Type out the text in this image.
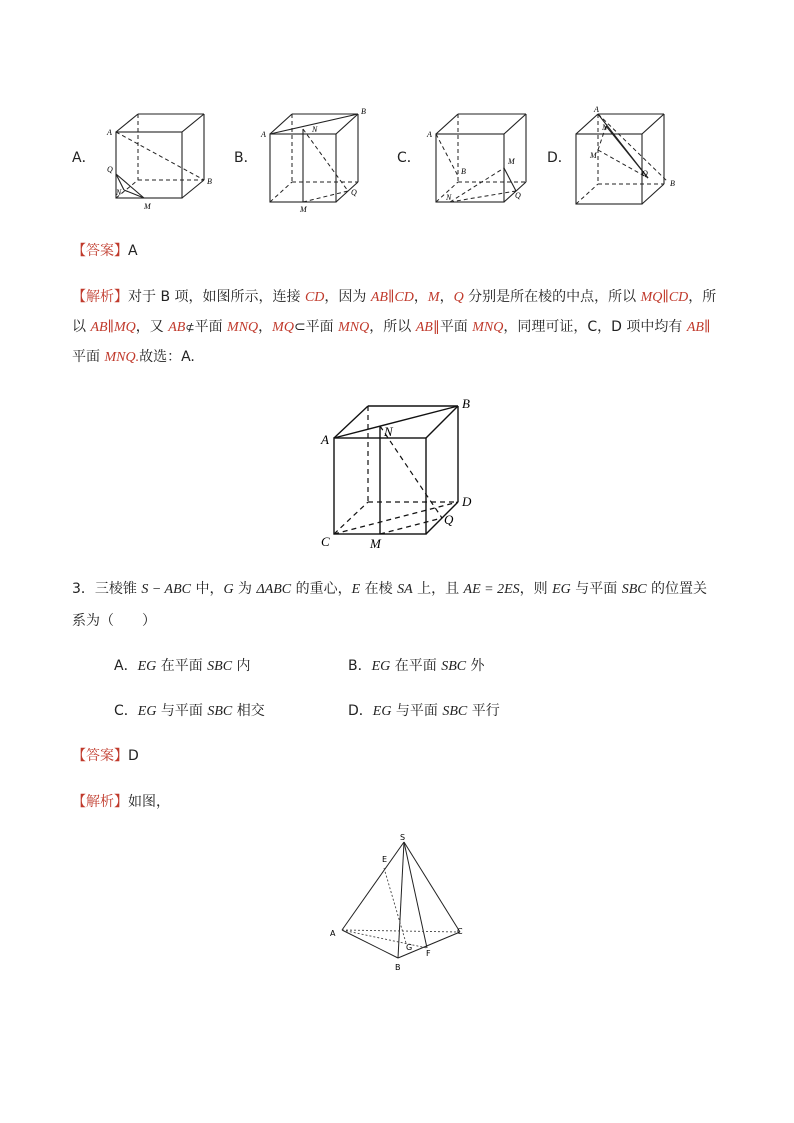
A．
A
B
Q
N
M
B．
A
B
N
Q
M
C．
A
B
M
N	Q
D．
A
N
M
Q
B
【答案】A
【解析】对于 B 项，如图所示，连接 CD，因为 AB∥CD，M，Q 分别是所在棱的中点，所以 MQ∥CD，所
以 AB∥MQ，又 AB⊄平面 MNQ，MQ⊂平面 MNQ，所以 AB∥平面 MNQ，同理可证，C，D 项中均有 AB∥
平面 MNQ.故选：A.
A
B
N
D
Q
C	M
3．三棱锥 S − ABC 中，G 为 ΔABC 的重心，E 在棱 SA 上，且 AE = 2ES，则 EG 与平面 SBC 的位置关
系为（　　）
A．EG 在平面 SBC 内	B．EG 在平面 SBC 外
C．EG 与平面 SBC 相交	D．EG 与平面 SBC 平行
【答案】D
【解析】如图，
S
E
A	C
G
F
B
